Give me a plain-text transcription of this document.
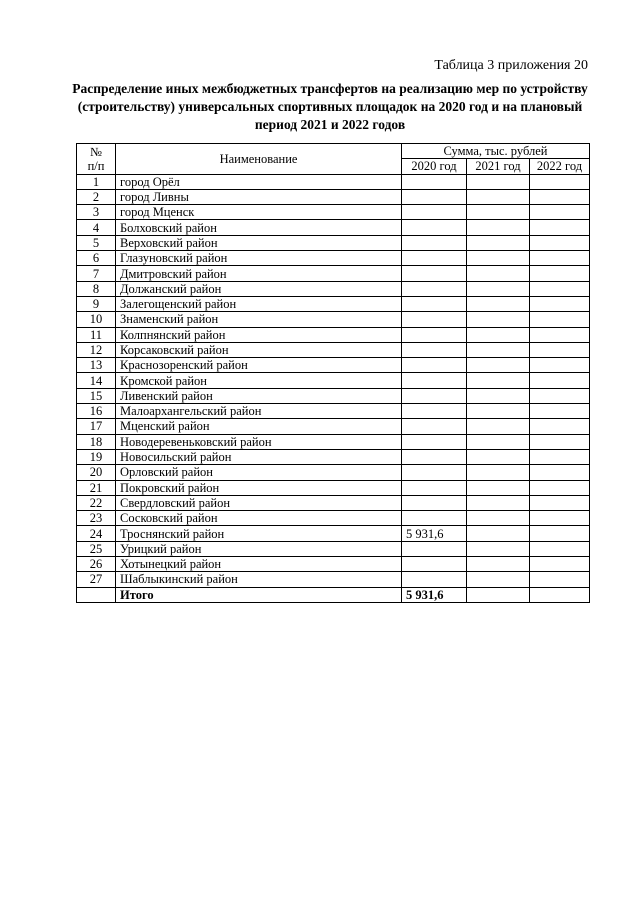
Таблица 3 приложения 20
Распределение иных межбюджетных трансфертов на реализацию мер по устройству
(строительству) универсальных спортивных площадок на 2020 год и на плановый
период 2021 и 2022 годов
№
п/п	Наименование	Сумма, тыс. рублей		
		2020 год	2021 год	2022 год
1	город Орёл			
2	город Ливны			
3	город Мценск			
4	Болховский район			
5	Верховский район			
6	Глазуновский район			
7	Дмитровский район			
8	Должанский район			
9	Залегощенский район			
10	Знаменский район			
11	Колпнянский район			
12	Корсаковский район			
13	Краснозоренский район			
14	Кромской район			
15	Ливенский район			
16	Малоархангельский район			
17	Мценский район			
18	Новодеревеньковский район			
19	Новосильский район			
20	Орловский район			
21	Покровский район			
22	Свердловский район			
23	Сосковский район			
24	Троснянский район	5 931,6		
25	Урицкий район			
26	Хотынецкий район			
27	Шаблыкинский район			
	Итого	5 931,6		
